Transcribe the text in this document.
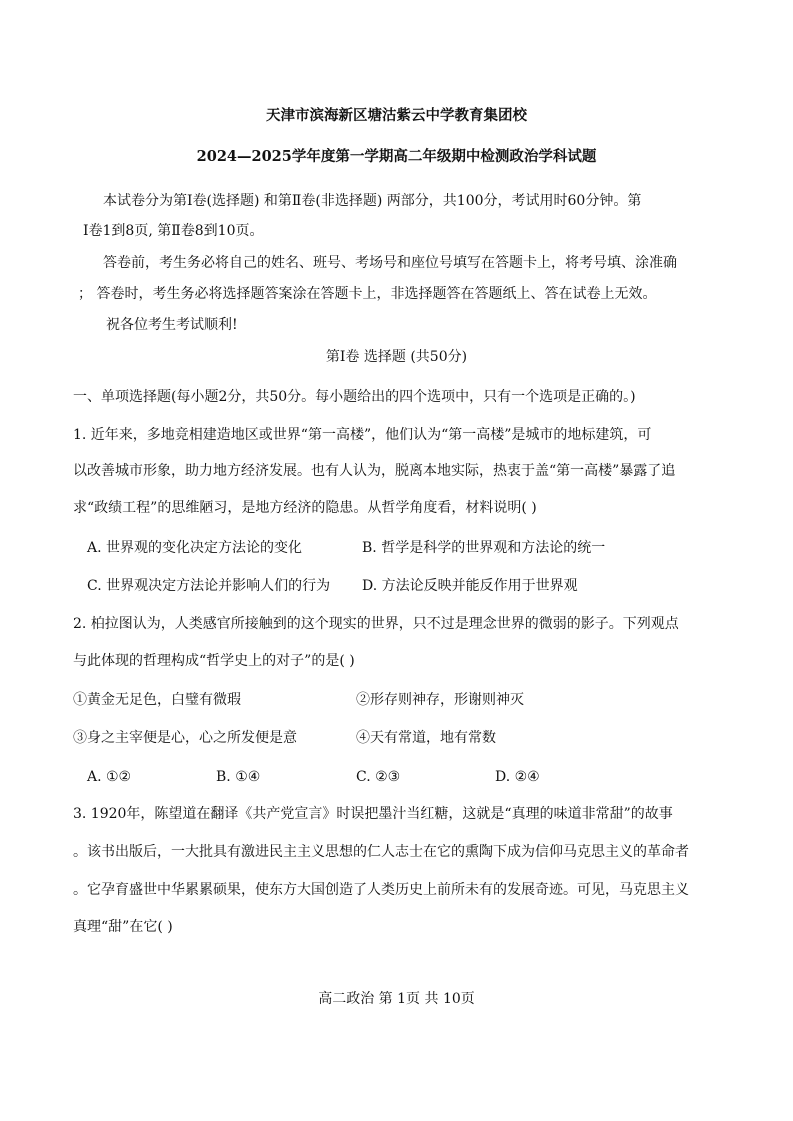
天津市滨海新区塘沽紫云中学教育集团校
2024—2025学年度第一学期高二年级期中检测政治学科试题
本试卷分为第Ⅰ卷(选择题) 和第Ⅱ卷(非选择题) 两部分，共100分，考试用时60分钟。第
Ⅰ卷1到8页, 第Ⅱ卷8到10页。
答卷前，考生务必将自己的姓名、班号、考场号和座位号填写在答题卡上，将考号填、涂准确
； 答卷时，考生务必将选择题答案涂在答题卡上，非选择题答在答题纸上、答在试卷上无效。
祝各位考生考试顺利!
第Ⅰ卷 选择题 (共50分)
一、单项选择题(每小题2分，共50分。每小题给出的四个选项中，只有一个选项是正确的。)
1. 近年来，多地竞相建造地区或世界“第一高楼”，他们认为“第一高楼”是城市的地标建筑，可
以改善城市形象，助力地方经济发展。也有人认为，脱离本地实际，热衷于盖“第一高楼”暴露了追
求“政绩工程”的思维陋习，是地方经济的隐患。从哲学角度看，材料说明( )
A. 世界观的变化决定方法论的变化	B. 哲学是科学的世界观和方法论的统一
C. 世界观决定方法论并影响人们的行为 D. 方法论反映并能反作用于世界观
2. 柏拉图认为，人类感官所接触到的这个现实的世界，只不过是理念世界的微弱的影子。下列观点
与此体现的哲理构成“哲学史上的对子”的是( )
①黄金无足色，白璧有微瑕	②形存则神存，形谢则神灭
③身之主宰便是心，心之所发便是意	④天有常道，地有常数
A. ①②	B. ①④	C. ②③	D. ②④
3. 1920年，陈望道在翻译《共产党宣言》时误把墨汁当红糖，这就是“真理的味道非常甜”的故事
。该书出版后，一大批具有激进民主主义思想的仁人志士在它的熏陶下成为信仰马克思主义的革命者
。它孕育盛世中华累累硕果，使东方大国创造了人类历史上前所未有的发展奇迹。可见，马克思主义
真理“甜”在它( )
高二政治 第 1页 共 10页
